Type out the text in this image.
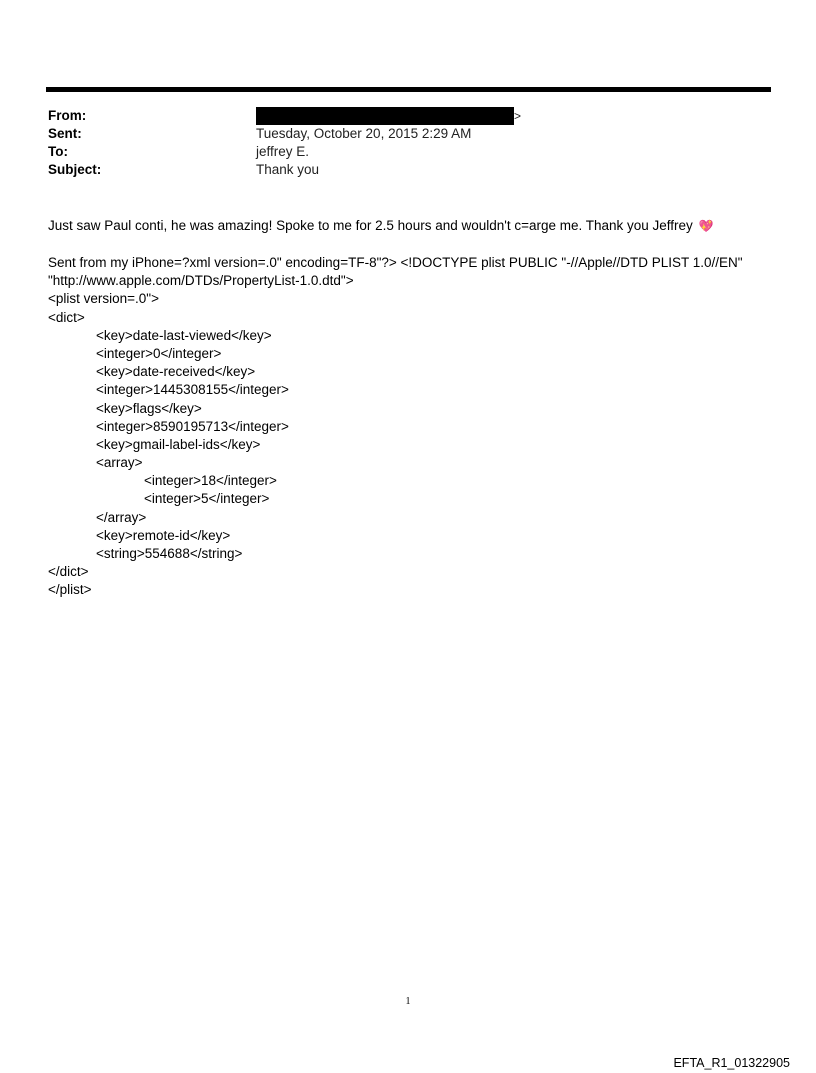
From:	>
Sent:	Tuesday, October 20, 2015 2:29 AM
To:	jeffrey E.
Subject:	Thank you
Just saw Paul conti, he was amazing! Spoke to me for 2.5 hours and wouldn't c=arge me. Thank you Jeffrey 💖
Sent from my iPhone=?xml version=.0" encoding=TF-8"?> <!DOCTYPE plist PUBLIC "-//Apple//DTD PLIST 1.0//EN"
"http://www.apple.com/DTDs/PropertyList-1.0.dtd">
<plist version=.0">
<dict>
<key>date-last-viewed</key>
<integer>0</integer>
<key>date-received</key>
<integer>1445308155</integer>
<key>flags</key>
<integer>8590195713</integer>
<key>gmail-label-ids</key>
<array>
<integer>18</integer>
<integer>5</integer>
</array>
<key>remote-id</key>
<string>554688</string>
</dict>
</plist>
1
EFTA_R1_01322905
